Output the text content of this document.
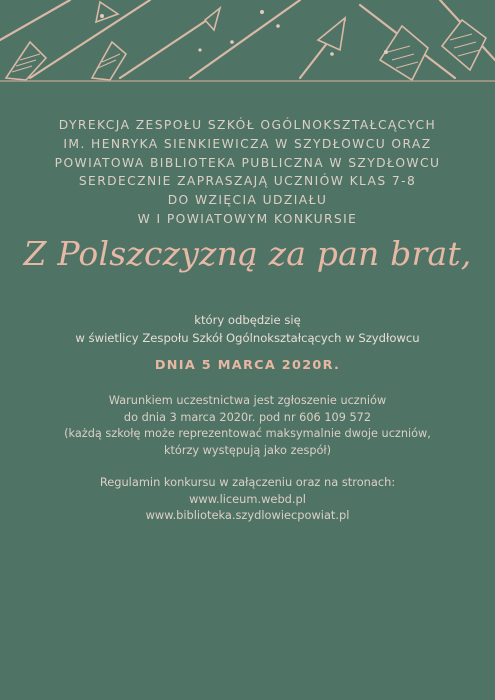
DYREKCJA ZESPOŁU SZKÓŁ OGÓLNOKSZTAŁCĄCYCH
IM. HENRYKA SIENKIEWICZA W SZYDŁOWCU ORAZ
POWIATOWA BIBLIOTEKA PUBLICZNA W SZYDŁOWCU
SERDECZNIE ZAPRASZAJĄ UCZNIÓW KLAS 7-8
DO WZIĘCIA UDZIAŁU
W I POWIATOWYM KONKURSIE
Z Polszczyzną za pan brat,
który odbędzie się
w świetlicy Zespołu Szkół Ogólnokształcących w Szydłowcu
DNIA 5 MARCA 2020R.
Warunkiem uczestnictwa jest zgłoszenie uczniów
do dnia 3 marca 2020r. pod nr 606 109 572
(każdą szkołę może reprezentować maksymalnie dwoje uczniów,
którzy występują jako zespół)
Regulamin konkursu w załączeniu oraz na stronach:
www.liceum.webd.pl
www.biblioteka.szydlowiecpowiat.pl
